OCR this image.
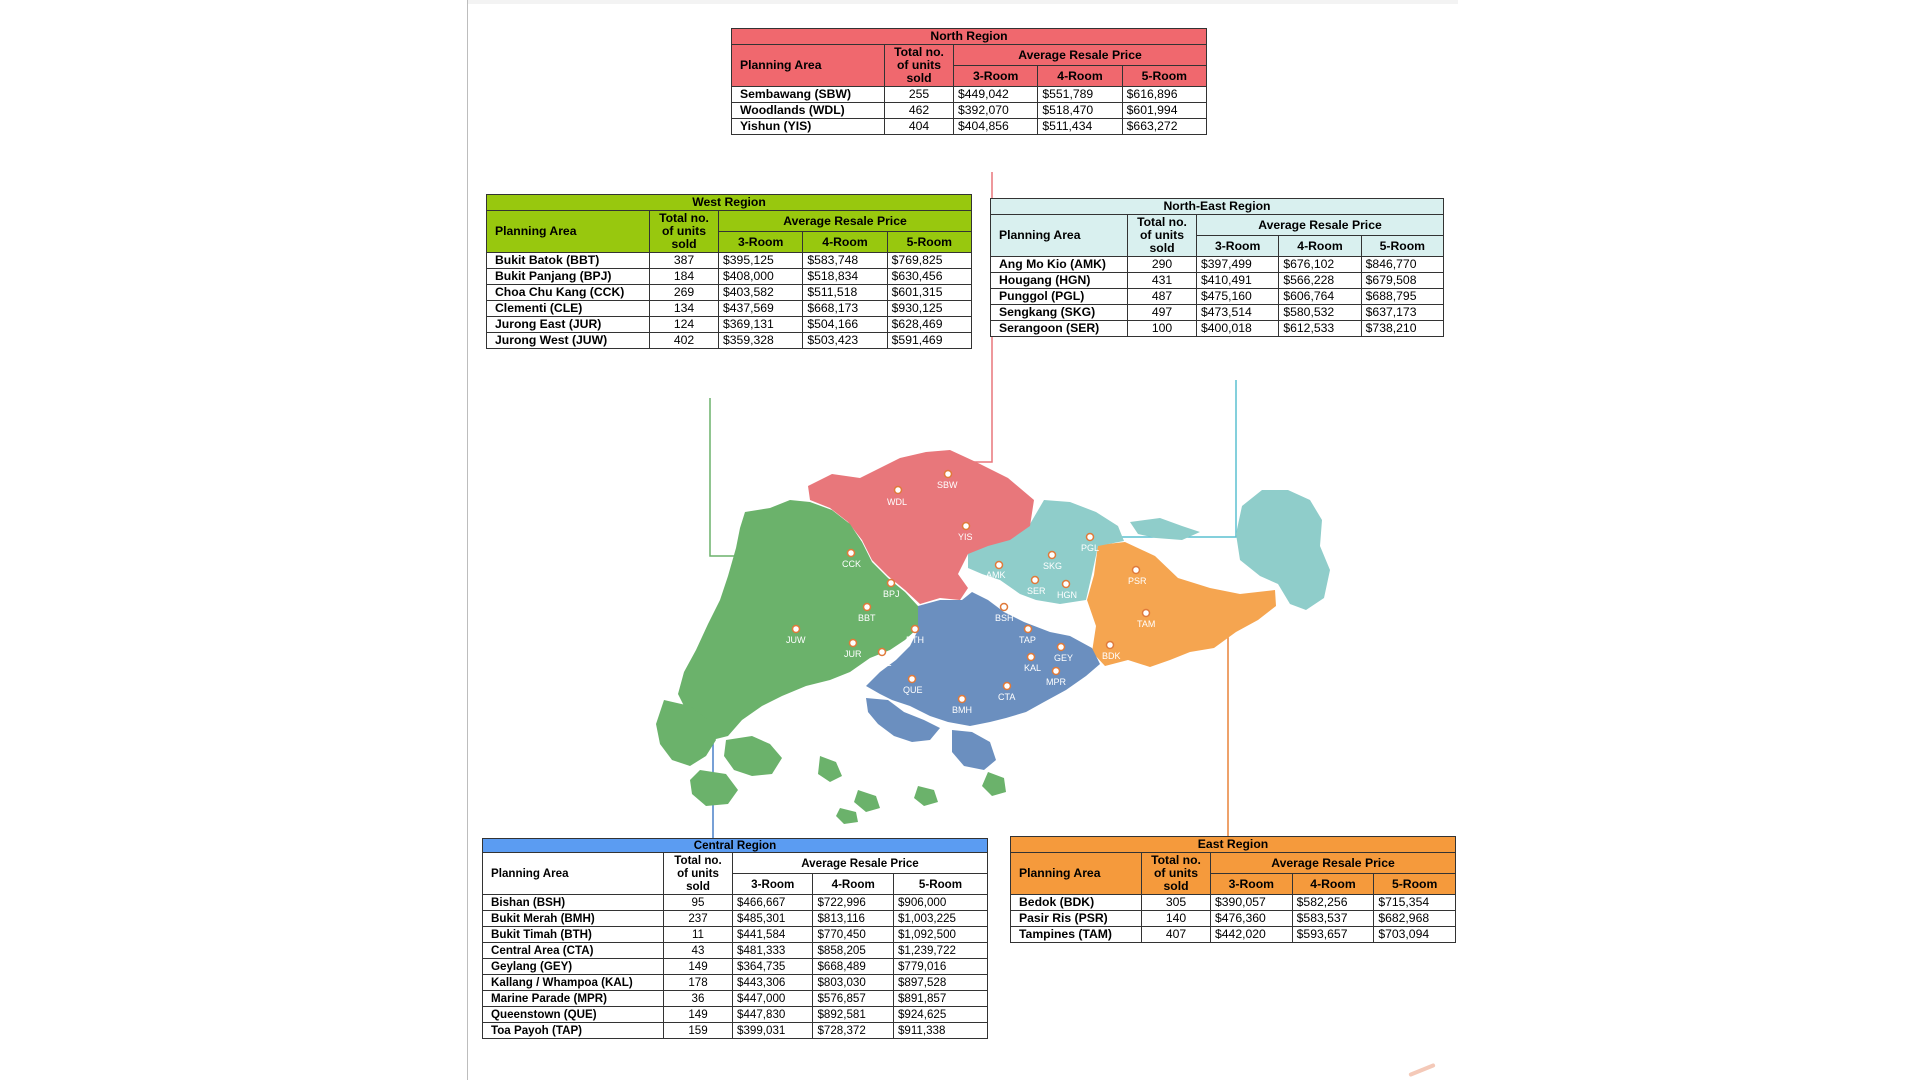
SBW
WDL
YIS
PGL
SKG
AMK
SER HGN
PSR
TAM
CCK
BPJ
BBT	BSH
JUW	BTH	TAP
JUR
CLE	GEY
KAL
BDK
MPR
QUE
CTA
BMH
North Region				
Planning Area	Total no. of units sold	Average Resale Price		
		3-Room	4-Room	5-Room
Sembawang (SBW)	255	$449,042	$551,789	$616,896
Woodlands (WDL)	462	$392,070	$518,470	$601,994
Yishun (YIS)	404	$404,856	$511,434	$663,272
West Region				
Planning Area	Total no. of units sold	Average Resale Price		
		3-Room	4-Room	5-Room
Bukit Batok (BBT)	387	$395,125	$583,748	$769,825
Bukit Panjang (BPJ)	184	$408,000	$518,834	$630,456
Choa Chu Kang (CCK)	269	$403,582	$511,518	$601,315
Clementi (CLE)	134	$437,569	$668,173	$930,125
Jurong East (JUR)	124	$369,131	$504,166	$628,469
Jurong West (JUW)	402	$359,328	$503,423	$591,469
North-East Region				
Planning Area	Total no. of units sold	Average Resale Price		
		3-Room	4-Room	5-Room
Ang Mo Kio (AMK)	290	$397,499	$676,102	$846,770
Hougang (HGN)	431	$410,491	$566,228	$679,508
Punggol (PGL)	487	$475,160	$606,764	$688,795
Sengkang (SKG)	497	$473,514	$580,532	$637,173
Serangoon (SER)	100	$400,018	$612,533	$738,210
Central Region				
Planning Area	Total no. of units sold	Average Resale Price		
		3-Room	4-Room	5-Room
Bishan (BSH)	95	$466,667	$722,996	$906,000
Bukit Merah (BMH)	237	$485,301	$813,116	$1,003,225
Bukit Timah (BTH)	11	$441,584	$770,450	$1,092,500
Central Area (CTA)	43	$481,333	$858,205	$1,239,722
Geylang (GEY)	149	$364,735	$668,489	$779,016
Kallang / Whampoa (KAL)	178	$443,306	$803,030	$897,528
Marine Parade (MPR)	36	$447,000	$576,857	$891,857
Queenstown (QUE)	149	$447,830	$892,581	$924,625
Toa Payoh (TAP)	159	$399,031	$728,372	$911,338
East Region				
Planning Area	Total no. of units sold	Average Resale Price		
		3-Room	4-Room	5-Room
Bedok (BDK)	305	$390,057	$582,256	$715,354
Pasir Ris (PSR)	140	$476,360	$583,537	$682,968
Tampines (TAM)	407	$442,020	$593,657	$703,094
